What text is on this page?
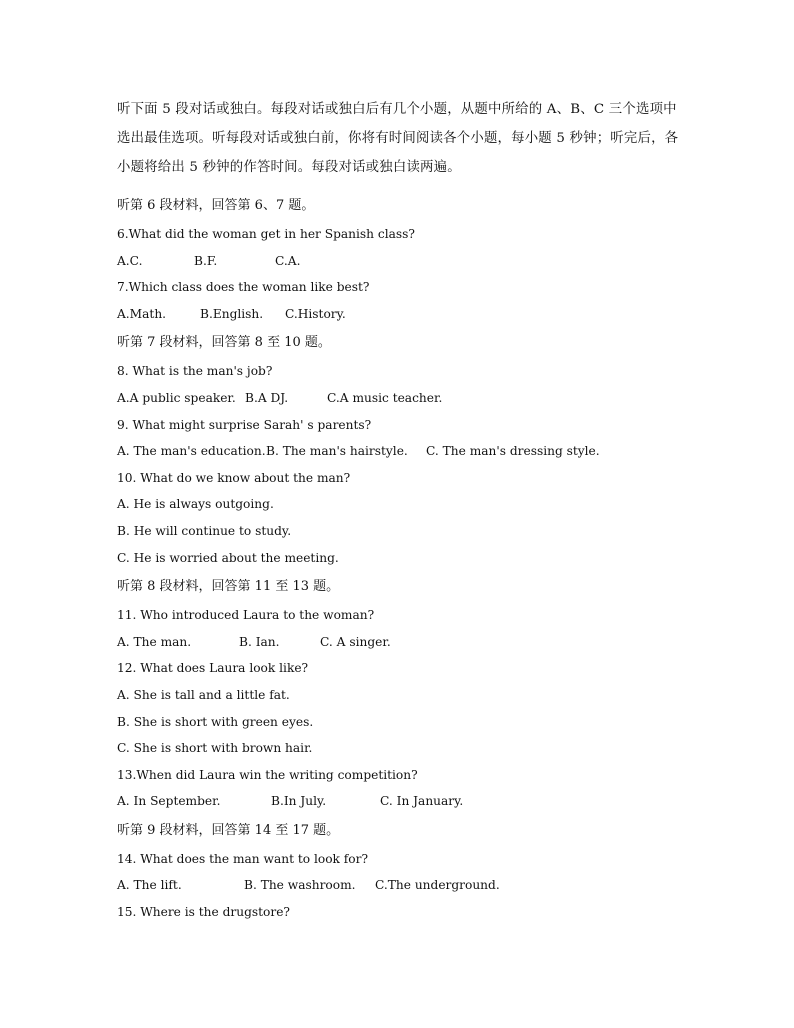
听下面 5 段对话或独白。每段对话或独白后有几个小题，从题中所给的 A、B、C 三个选项中选出最佳选项。听每段对话或独白前，你将有时间阅读各个小题，每小题 5 秒钟；听完后，各小题将给出 5 秒钟的作答时间。每段对话或独白读两遍。

听第 6 段材料，回答第 6、7 题。
6.What did the woman get in her Spanish class?
A.C.	B.F.	C.A.
7.Which class does the woman like best?
A.Math.	B.English.	C.History.
听第 7 段材料，回答第 8 至 10 题。
8. What is the man's job?
A.A public speaker. B.A DJ.	C.A music teacher.
9. What might surprise Sarah' s parents?
A. The man's education. B. The man's hairstyle.	C. The man's dressing style.
10. What do we know about the man?
A. He is always outgoing.
B. He will continue to study.
C. He is worried about the meeting.
听第 8 段材料，回答第 11 至 13 题。
11. Who introduced Laura to the woman?
A. The man.	B. Ian.	C. A singer.
12. What does Laura look like?
A. She is tall and a little fat.
B. She is short with green eyes.
C. She is short with brown hair.
13.When did Laura win the writing competition?
A. In September.	B.In July.	C. In January.
听第 9 段材料，回答第 14 至 17 题。
14. What does the man want to look for?
A. The lift.	B. The washroom.	C.The underground.
15. Where is the drugstore?
